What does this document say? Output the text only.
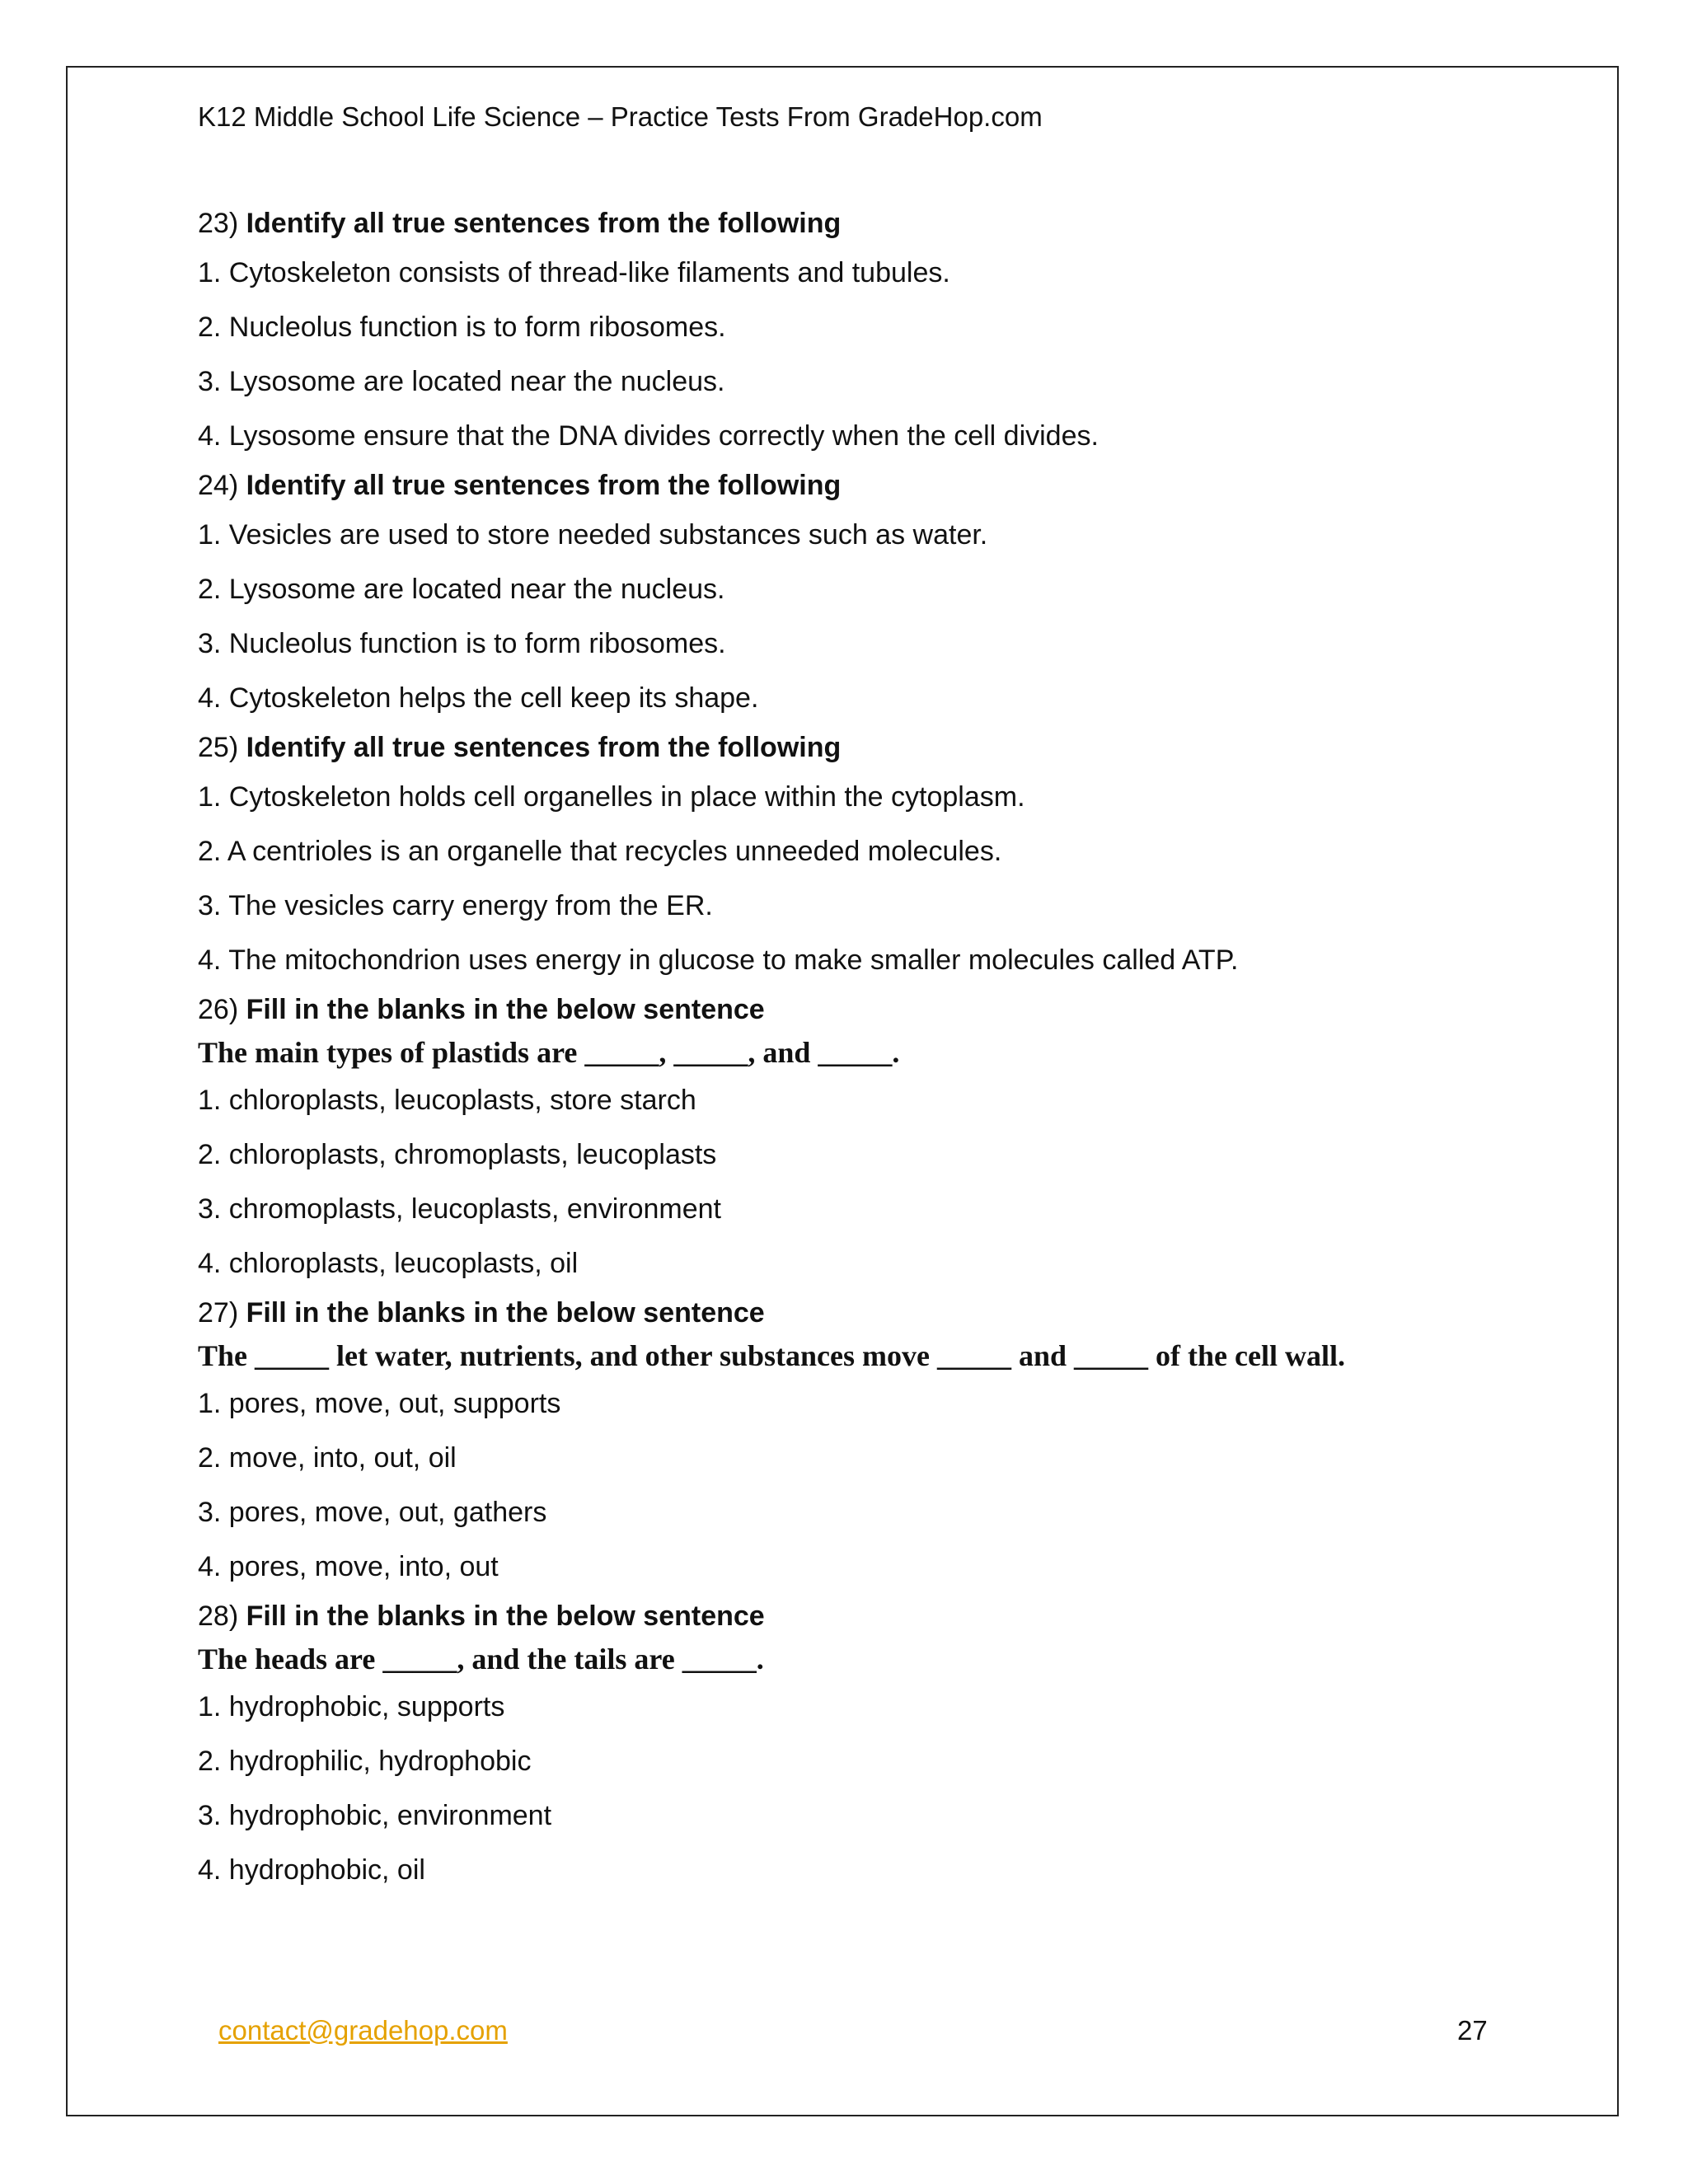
K12 Middle School Life Science – Practice Tests From GradeHop.com
23) Identify all true sentences from the following
1. Cytoskeleton consists of thread-like filaments and tubules.
2. Nucleolus function is to form ribosomes.
3. Lysosome are located near the nucleus.
4. Lysosome ensure that the DNA divides correctly when the cell divides.
24) Identify all true sentences from the following
1. Vesicles are used to store needed substances such as water.
2. Lysosome are located near the nucleus.
3. Nucleolus function is to form ribosomes.
4. Cytoskeleton helps the cell keep its shape.
25) Identify all true sentences from the following
1. Cytoskeleton holds cell organelles in place within the cytoplasm.
2. A centrioles is an organelle that recycles unneeded molecules.
3. The vesicles carry energy from the ER.
4. The mitochondrion uses energy in glucose to make smaller molecules called ATP.
26) Fill in the blanks in the below sentence
The main types of plastids are _____, _____, and _____.
1. chloroplasts, leucoplasts, store starch
2. chloroplasts, chromoplasts, leucoplasts
3. chromoplasts, leucoplasts, environment
4. chloroplasts, leucoplasts, oil
27) Fill in the blanks in the below sentence
The _____ let water, nutrients, and other substances move _____ and _____ of the cell wall.
1. pores, move, out, supports
2. move, into, out, oil
3. pores, move, out, gathers
4. pores, move, into, out
28) Fill in the blanks in the below sentence
The heads are _____, and the tails are _____.
1. hydrophobic, supports
2. hydrophilic, hydrophobic
3. hydrophobic, environment
4. hydrophobic, oil
contact@gradehop.com	27
